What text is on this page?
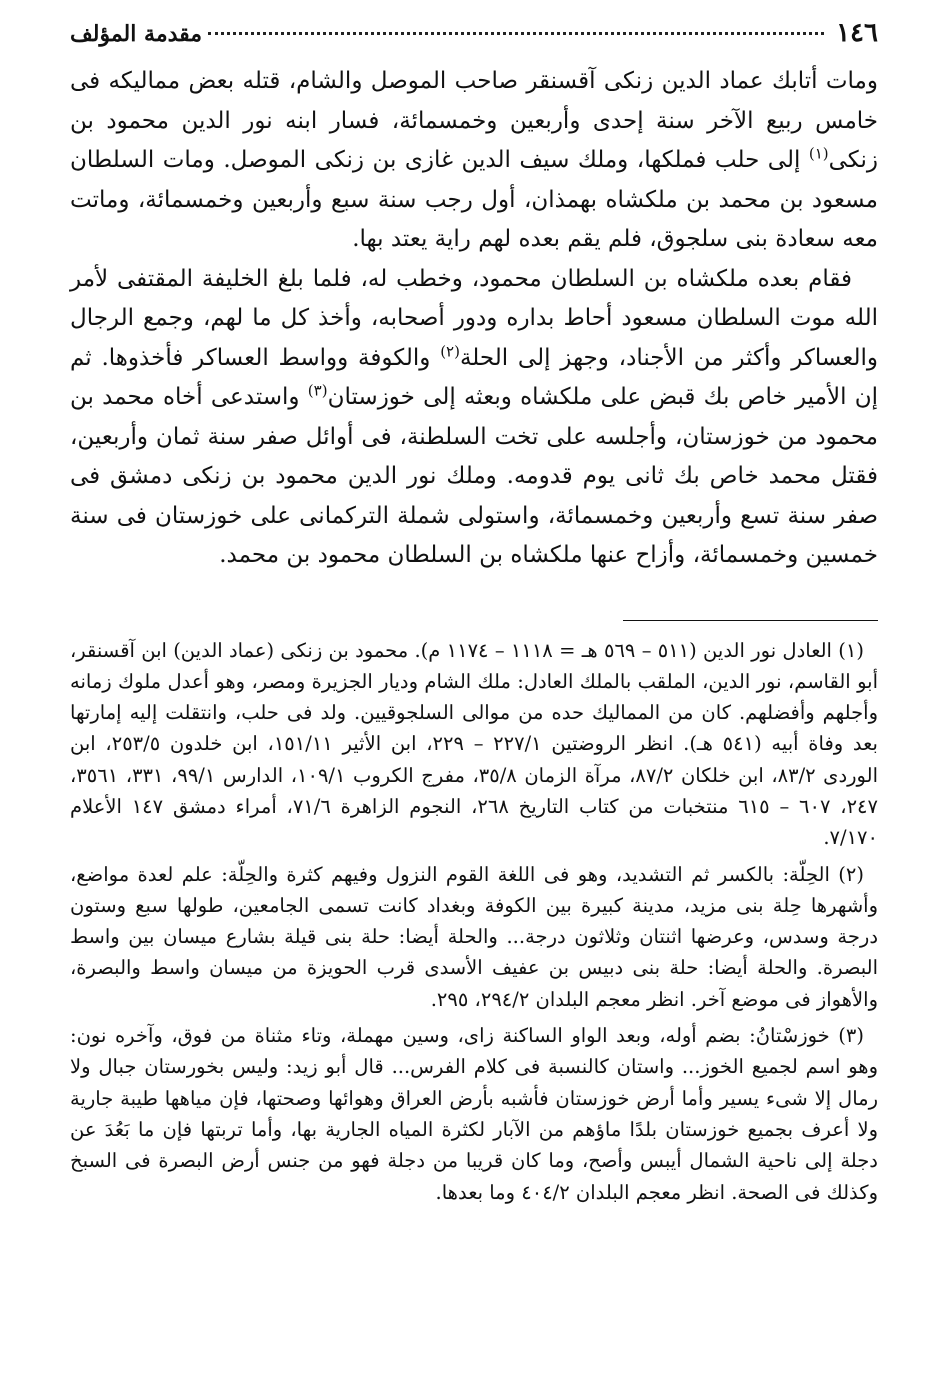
١٤٦
مقدمة المؤلف

ومات أتابك عماد الدين زنكى آقسنقر صاحب الموصل والشام، قتله بعض مماليكه فى خامس ربيع الآخر سنة إحدى وأربعين وخمسمائة، فسار ابنه نور الدين محمود بن زنكى$^{(١)}$ إلى حلب فملكها، وملك سيف الدين غازى بن زنكى الموصل. ومات السلطان مسعود بن محمد بن ملكشاه بهمذان، أول رجب سنة سبع وأربعين وخمسمائة، وماتت معه سعادة بنى سلجوق، فلم يقم بعده لهم راية يعتد بها.

فقام بعده ملكشاه بن السلطان محمود، وخطب له، فلما بلغ الخليفة المقتفى لأمر الله موت السلطان مسعود أحاط بداره ودور أصحابه، وأخذ كل ما لهم، وجمع الرجال والعساكر وأكثر من الأجناد، وجهز إلى الحلة$^{(٢)}$ والكوفة وواسط العساكر فأخذوها. ثم إن الأمير خاص بك قبض على ملكشاه وبعثه إلى خوزستان$^{(٣)}$ واستدعى أخاه محمد بن محمود من خوزستان، وأجلسه على تخت السلطنة، فى أوائل صفر سنة ثمان وأربعين، فقتل محمد خاص بك ثانى يوم قدومه. وملك نور الدين محمود بن زنكى دمشق فى صفر سنة تسع وأربعين وخمسمائة، واستولى شملة التركمانى على خوزستان فى سنة خمسين وخمسمائة، وأزاح عنها ملكشاه بن السلطان محمود بن محمد.

(١) العادل نور الدين (٥١١ – ٥٦٩ هـ = ١١١٨ – ١١٧٤ م). محمود بن زنكى (عماد الدين) ابن آقسنقر، أبو القاسم، نور الدين، الملقب بالملك العادل: ملك الشام وديار الجزيرة ومصر، وهو أعدل ملوك زمانه وأجلهم وأفضلهم. كان من المماليك حده من موالى السلجوقيين. ولد فى حلب، وانتقلت إليه إمارتها بعد وفاة أبيه (٥٤١ هـ). انظر الروضتين ٢٢٧/١ – ٢٢٩، ابن الأثير ١٥١/١١، ابن خلدون ٢٥٣/٥، ابن الوردى ٨٣/٢، ابن خلكان ٨٧/٢، مرآة الزمان ٣٥/٨، مفرج الكروب ١٠٩/١، الدارس ٩٩/١، ٣٣١، ٣٥٦١، ٢٤٧، ٦٠٧ – ٦١٥ منتخبات من كتاب التاريخ ٢٦٨، النجوم الزاهرة ٧١/٦، أمراء دمشق ١٤٧ الأعلام ٧/١٧٠.

(٢) الحِلّة: بالكسر ثم التشديد، وهو فى اللغة القوم النزول وفيهم كثرة والحِلّة: علم لعدة مواضع، وأشهرها حِلة بنى مزيد، مدينة كبيرة بين الكوفة وبغداد كانت تسمى الجامعين، طولها سبع وستون درجة وسدس، وعرضها اثنتان وثلاثون درجة... والحلة أيضا: حلة بنى قيلة بشارع ميسان بين واسط البصرة. والحلة أيضا: حلة بنى دبيس بن عفيف الأسدى قرب الحويزة من ميسان واسط والبصرة، والأهواز فى موضع آخر. انظر معجم البلدان ٢٩٤/٢، ٢٩٥.

(٣) خوزسْتانُ: بضم أوله، وبعد الواو الساكنة زاى، وسين مهملة، وتاء مثناة من فوق، وآخره نون: وهو اسم لجميع الخوز... واستان كالنسبة فى كلام الفرس... قال أبو زيد: وليس بخورستان جبال ولا رمال إلا شىء يسير وأما أرض خوزستان فأشبه بأرض العراق وهوائها وصحتها، فإن مياهها طيبة جارية ولا أعرف بجميع خوزستان بلدًا ماؤهم من الآبار لكثرة المياه الجارية بها، وأما تربتها فإن ما بَعُدَ عن دجلة إلى ناحية الشمال أيبس وأصح، وما كان قريبا من دجلة فهو من جنس أرض البصرة فى السبخ وكذلك فى الصحة. انظر معجم البلدان ٤٠٤/٢ وما بعدها.
